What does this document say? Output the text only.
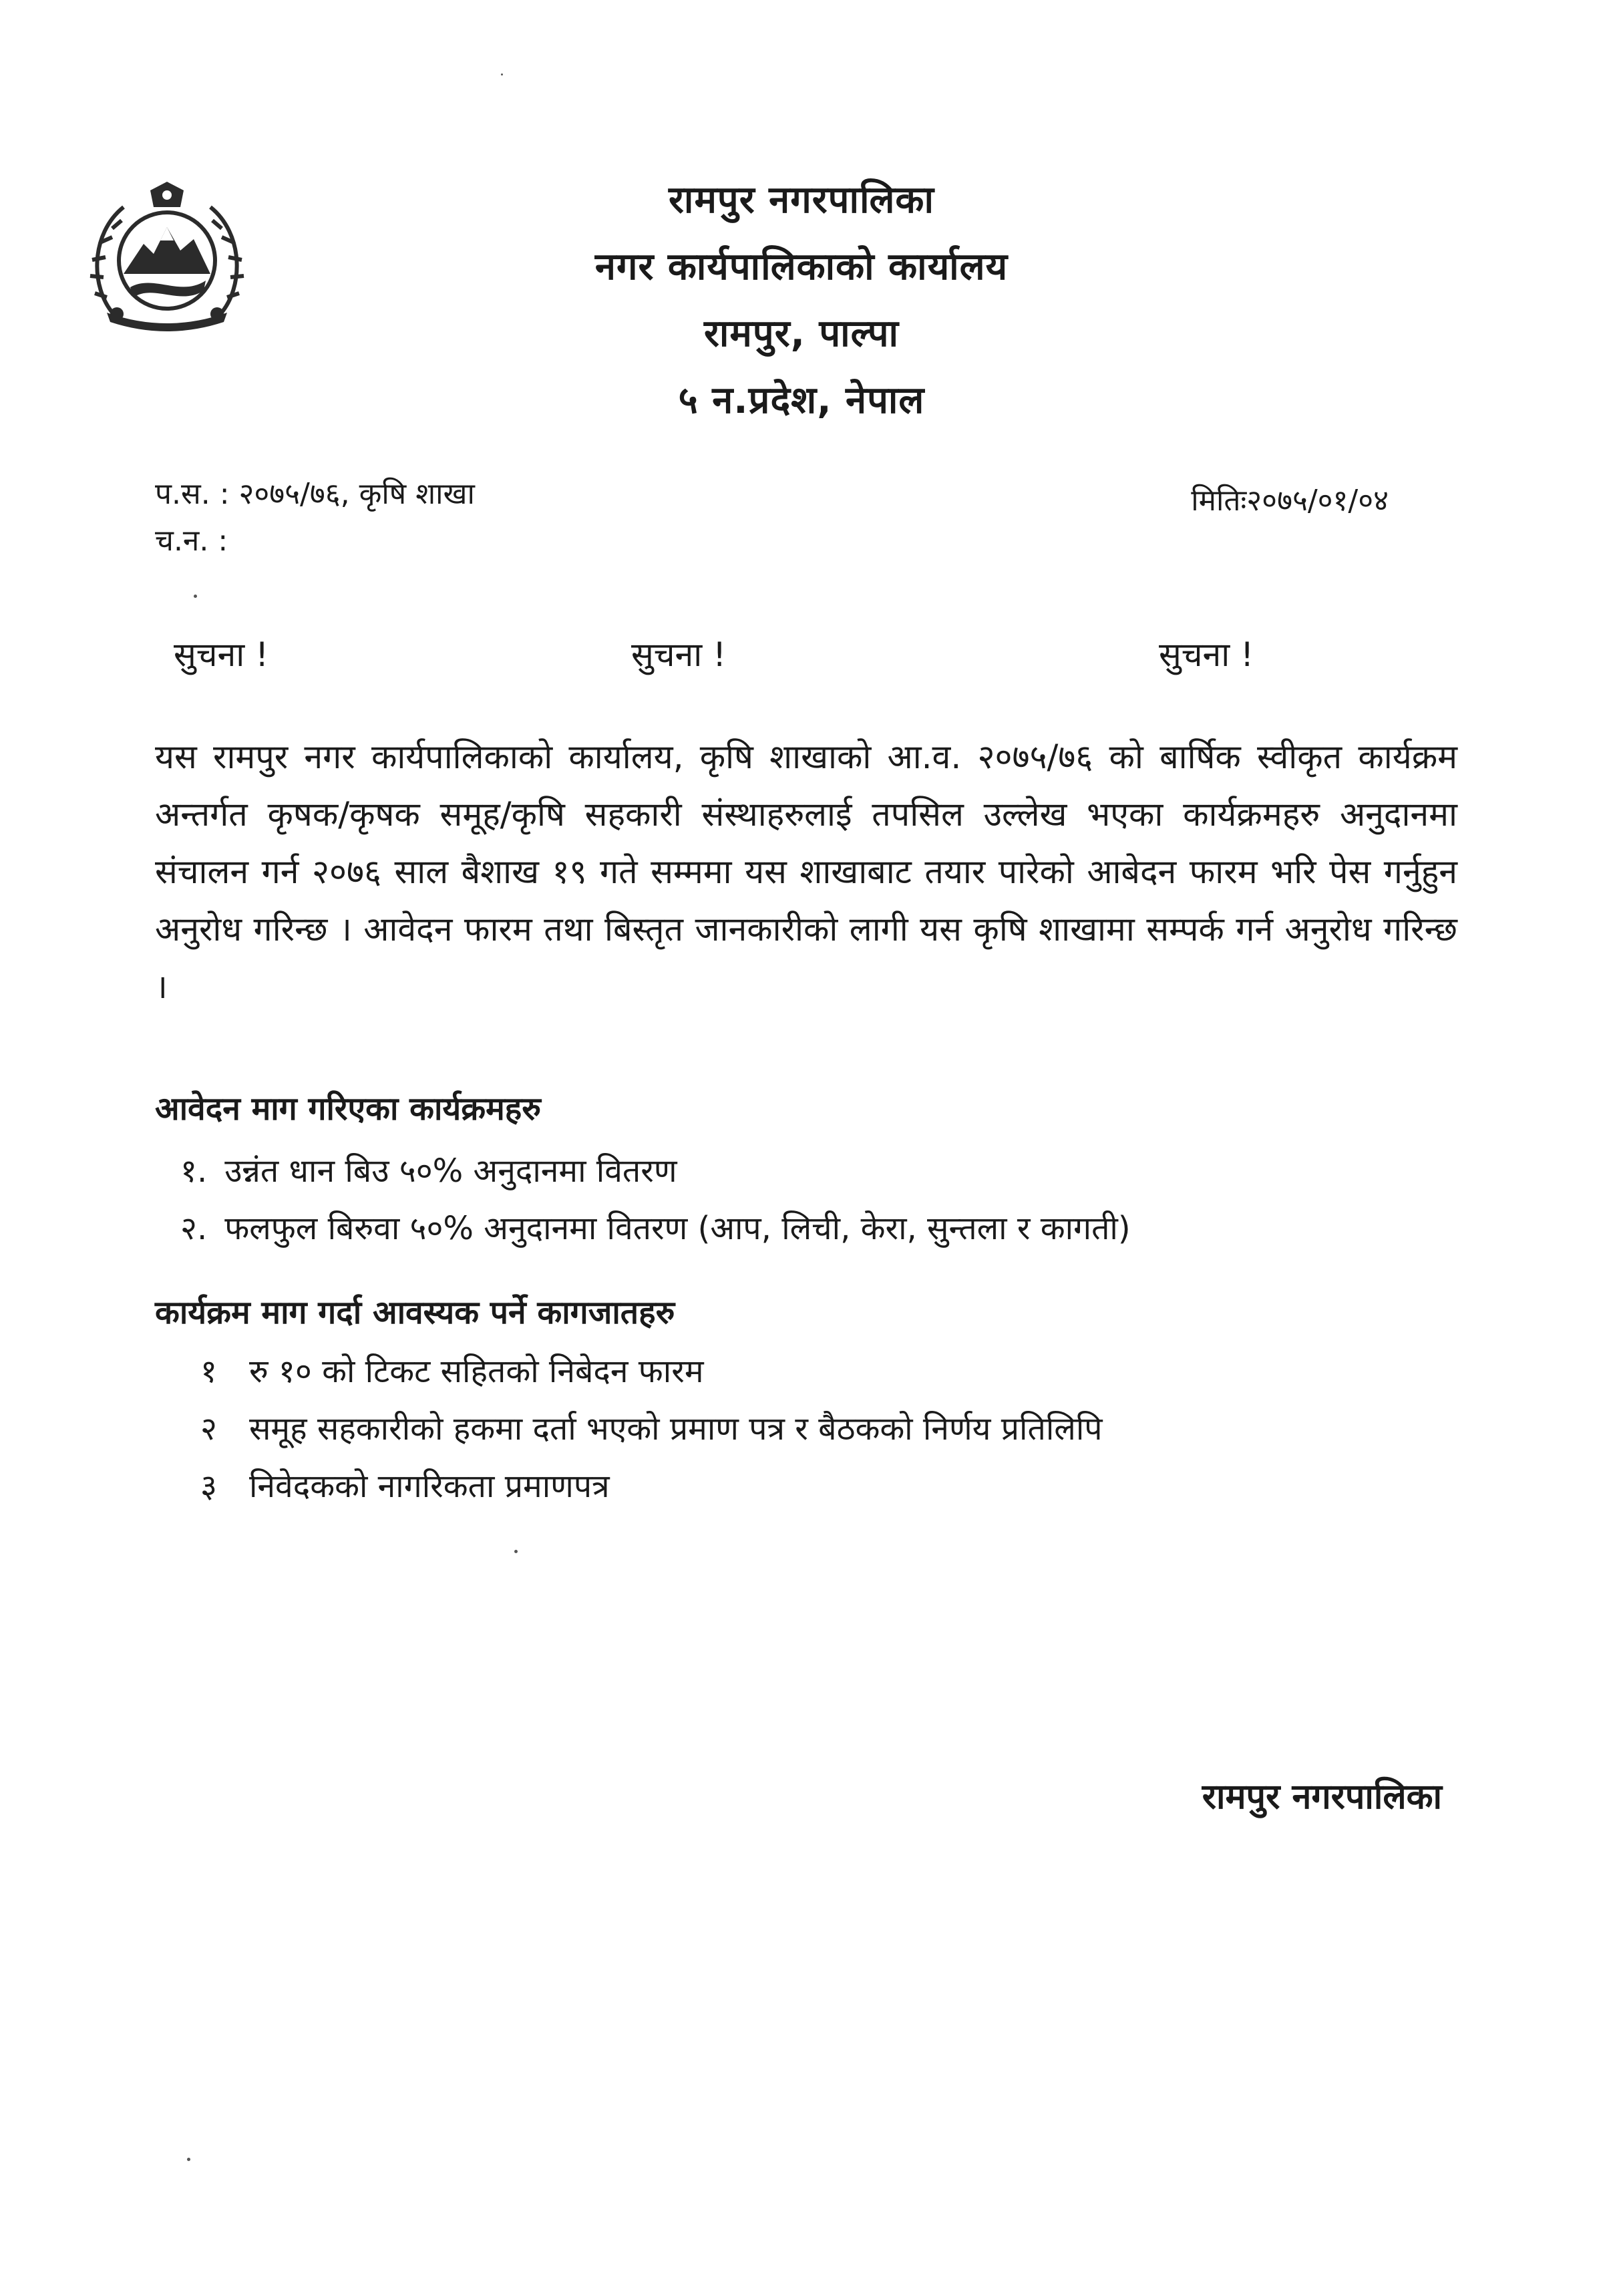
रामपुर नगरपालिका
नगर कार्यपालिकाको कार्यालय
रामपुर, पाल्पा
५ न.प्रदेश, नेपाल
प.स. : २०७५/७६, कृषि शाखा
च.न. :
मितिः२०७५/०१/०४
सुचना !	सुचना !	सुचना !
यस रामपुर नगर कार्यपालिकाको कार्यालय, कृषि शाखाको आ.व. २०७५/७६ को बार्षिक स्वीकृत कार्यक्रम अन्तर्गत कृषक/कृषक समूह/कृषि सहकारी संस्थाहरुलाई तपसिल उल्लेख भएका कार्यक्रमहरु अनुदानमा संचालन गर्न २०७६ साल बैशाख १९ गते सम्ममा यस शाखाबाट तयार पारेको आबेदन फारम भरि पेस गर्नुहुन अनुरोध गरिन्छ । आवेदन फारम तथा बिस्तृत जानकारीको लागी यस कृषि शाखामा सम्पर्क गर्न अनुरोध गरिन्छ ।
आवेदन माग गरिएका कार्यक्रमहरु
१. उन्नंत धान बिउ ५०% अनुदानमा वितरण
२. फलफुल बिरुवा ५०% अनुदानमा वितरण (आप, लिची, केरा, सुन्तला र कागती)
कार्यक्रम माग गर्दा आवस्यक पर्ने कागजातहरु
१ रु १० को टिकट सहितको निबेदन फारम
२ समूह सहकारीको हकमा दर्ता भएको प्रमाण पत्र र बैठकको निर्णय प्रतिलिपि
३ निवेदकको नागरिकता प्रमाणपत्र
रामपुर नगरपालिका
